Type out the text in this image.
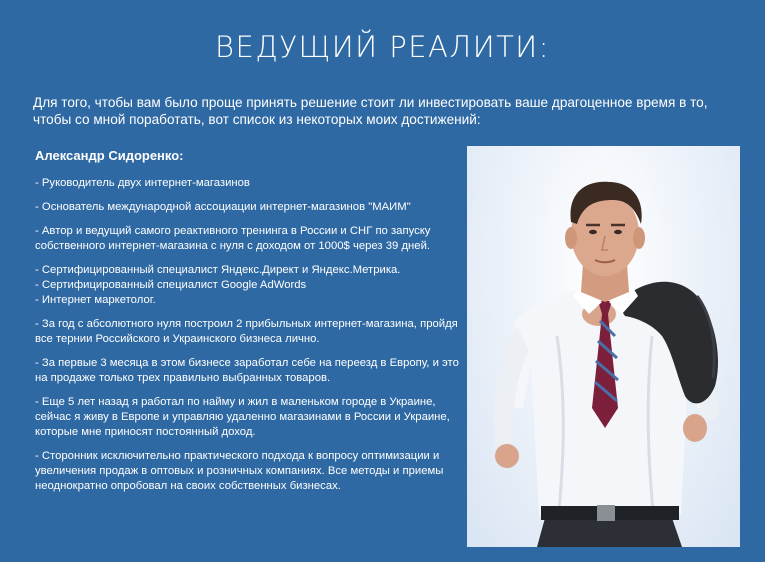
ВЕДУЩИЙ РЕАЛИТИ:

Для того, чтобы вам было проще принять решение стоит ли инвестировать ваше драгоценное время в то, чтобы со мной поработать, вот список из некоторых моих достижений:

Александр Сидоренко:
- Руководитель двух интернет-магазинов
- Основатель международной ассоциации интернет-магазинов "МАИМ"
- Автор и ведущий самого реактивного тренинга в России и СНГ по запуску собственного интернет-магазина с нуля с доходом от 1000$ через 39 дней.
- Сертифицированный специалист Яндекс.Директ и Яндекс.Метрика.
- Сертифицированный специалист Google AdWords
- Интернет маркетолог.
- За год с абсолютного нуля построил 2 прибыльных интернет-магазина, пройдя все тернии Российского и Украинского бизнеса лично.
- За первые 3 месяца в этом бизнесе заработал себе на переезд в Европу, и это на продаже только трех правильно выбранных товаров.
- Еще 5 лет назад я работал по найму и жил в маленьком городе в Украине, сейчас я живу в Европе и управляю удаленно магазинами в России и Украине, которые мне приносят постоянный доход.
- Сторонник исключительно практического подхода к вопросу оптимизации и увеличения продаж в оптовых и розничных компаниях. Все методы и приемы неоднократно опробовал на своих собственных бизнесах.
